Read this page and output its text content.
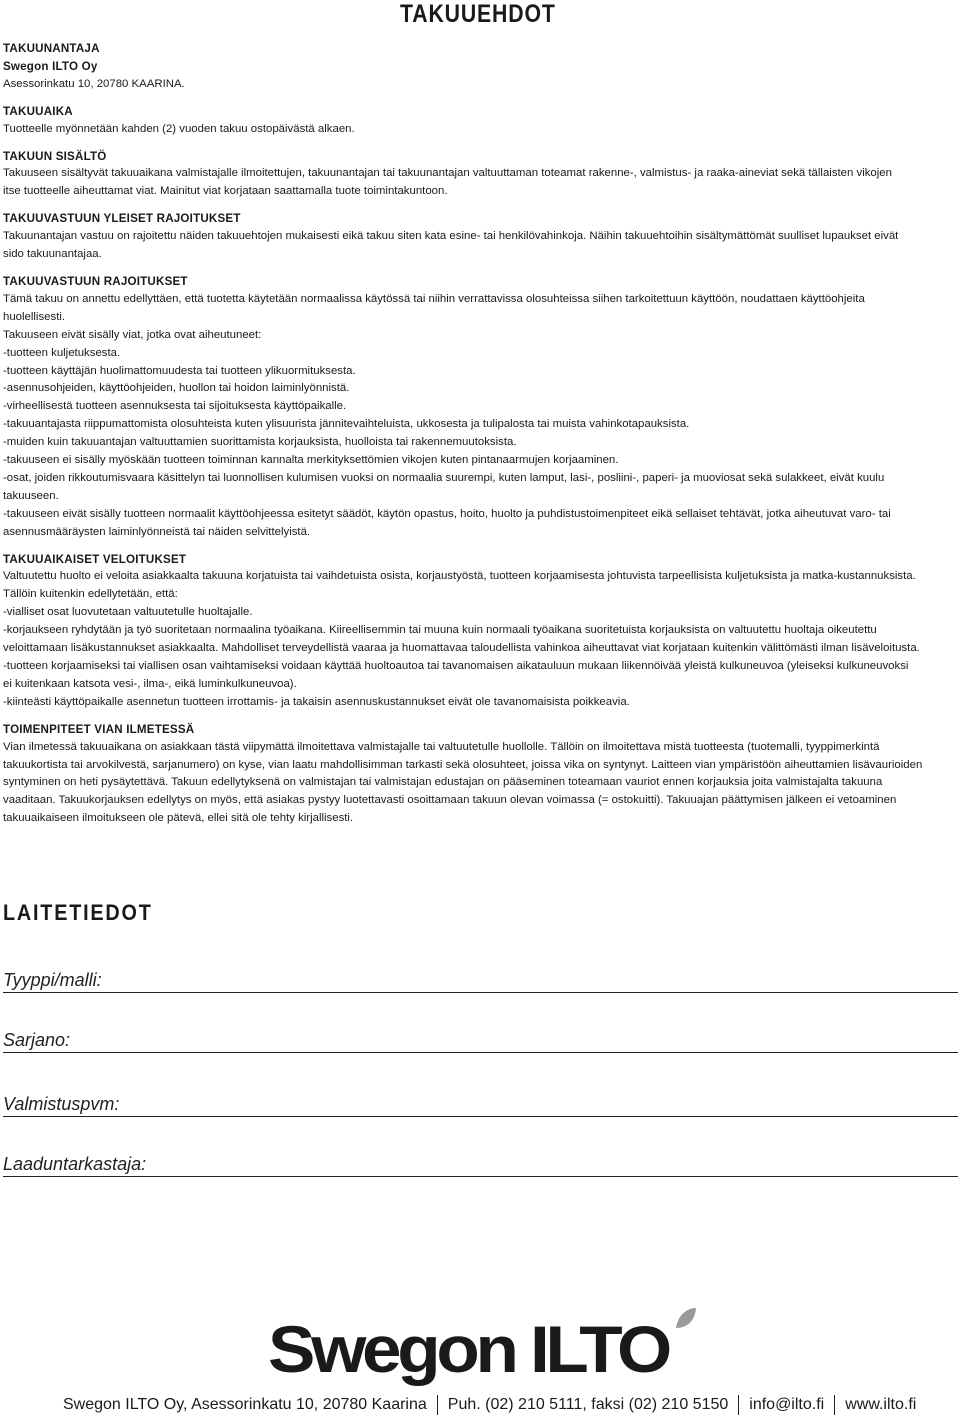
TAKUUEHDOT

TAKUUNANTAJA

Swegon ILTO Oy

Asessorinkatu 10, 20780 KAARINA.

TAKUUAIKA

Tuotteelle myönnetään kahden (2) vuoden takuu ostopäivästä alkaen.

TAKUUN SISÄLTÖ

Takuuseen sisältyvät takuuaikana valmistajalle ilmoitettujen, takuunantajan tai takuunantajan valtuuttaman toteamat rakenne-, valmistus- ja raaka-aineviat sekä tällaisten vikojen
itse tuotteelle aiheuttamat viat. Mainitut viat korjataan saattamalla tuote toimintakuntoon.

TAKUUVASTUUN YLEISET RAJOITUKSET

Takuunantajan vastuu on rajoitettu näiden takuuehtojen mukaisesti eikä takuu siten kata esine- tai henkilövahinkoja. Näihin takuuehtoihin sisältymättömät suulliset lupaukset eivät
sido takuunantajaa.

TAKUUVASTUUN RAJOITUKSET

Tämä takuu on annettu edellyttäen, että tuotetta käytetään normaalissa käytössä tai niihin verrattavissa olosuhteissa siihen tarkoitettuun käyttöön, noudattaen käyttöohjeita
huolellisesti.
Takuuseen eivät sisälly viat, jotka ovat aiheutuneet:
-tuotteen kuljetuksesta.
-tuotteen käyttäjän huolimattomuudesta tai tuotteen ylikuormituksesta.
-asennusohjeiden, käyttöohjeiden, huollon tai hoidon laiminlyönnistä.
-virheellisestä tuotteen asennuksesta tai sijoituksesta käyttöpaikalle.
-takuuantajasta riippumattomista olosuhteista kuten ylisuurista jännitevaihteluista, ukkosesta ja tulipalosta tai muista vahinkotapauksista.
-muiden kuin takuuantajan valtuuttamien suorittamista korjauksista, huolloista tai rakennemuutoksista.
-takuuseen ei sisälly myöskään tuotteen toiminnan kannalta merkityksettömien vikojen kuten pintanaarmujen korjaaminen.
-osat, joiden rikkoutumisvaara käsittelyn tai luonnollisen kulumisen vuoksi on normaalia suurempi, kuten lamput, lasi-, posliini-, paperi- ja muoviosat sekä sulakkeet, eivät kuulu
takuuseen.
-takuuseen eivät sisälly tuotteen normaalit käyttöohjeessa esitetyt säädöt, käytön opastus, hoito, huolto ja puhdistustoimenpiteet eikä sellaiset tehtävät, jotka aiheutuvat varo- tai
asennusmääräysten laiminlyönneistä tai näiden selvittelyistä.

TAKUUAIKAISET VELOITUKSET

Valtuutettu huolto ei veloita asiakkaalta takuuna korjatuista tai vaihdetuista osista, korjaustyöstä, tuotteen korjaamisesta johtuvista tarpeellisista kuljetuksista ja matka-kustannuksista.
Tällöin kuitenkin edellytetään, että:
-vialliset osat luovutetaan valtuutetulle huoltajalle.
-korjaukseen ryhdytään ja työ suoritetaan normaalina työaikana. Kiireellisemmin tai muuna kuin normaali työaikana suoritetuista korjauksista on valtuutettu huoltaja oikeutettu
veloittamaan lisäkustannukset asiakkaalta. Mahdolliset terveydellistä vaaraa ja huomattavaa taloudellista vahinkoa aiheuttavat viat korjataan kuitenkin välittömästi ilman lisäveloitusta.
-tuotteen korjaamiseksi tai viallisen osan vaihtamiseksi voidaan käyttää huoltoautoa tai tavanomaisen aikatauluun mukaan liikennöivää yleistä kulkuneuvoa (yleiseksi kulkuneuvoksi
ei kuitenkaan katsota vesi-, ilma-, eikä luminkulkuneuvoa).
-kiinteästi käyttöpaikalle asennetun tuotteen irrottamis- ja takaisin asennuskustannukset eivät ole tavanomaisista poikkeavia.

TOIMENPITEET VIAN ILMETESSÄ

Vian ilmetessä takuuaikana on asiakkaan tästä viipymättä ilmoitettava valmistajalle tai valtuutetulle huollolle. Tällöin on ilmoitettava mistä tuotteesta (tuotemalli, tyyppimerkintä
takuukortista tai arvokilvestä, sarjanumero) on kyse, vian laatu mahdollisimman tarkasti sekä olosuhteet, joissa vika on syntynyt. Laitteen vian ympäristöön aiheuttamien lisävaurioiden
syntyminen on heti pysäytettävä. Takuun edellytyksenä on valmistajan tai valmistajan edustajan on pääseminen toteamaan vauriot ennen korjauksia joita valmistajalta takuuna
vaaditaan. Takuukorjauksen edellytys on myös, että asiakas pystyy luotettavasti osoittamaan takuun olevan voimassa (= ostokuitti). Takuuajan päättymisen jälkeen ei vetoaminen
takuuaikaiseen ilmoitukseen ole pätevä, ellei sitä ole tehty kirjallisesti.
LAITETIEDOT
Tyyppi/malli:
Sarjano:
Valmistuspvm:
Laaduntarkastaja:
Swegon ILTO
Swegon ILTO Oy, Asessorinkatu 10, 20780 Kaarina Puh. (02) 210 5111, faksi (02) 210 5150 info@ilto.fi www.ilto.fi
